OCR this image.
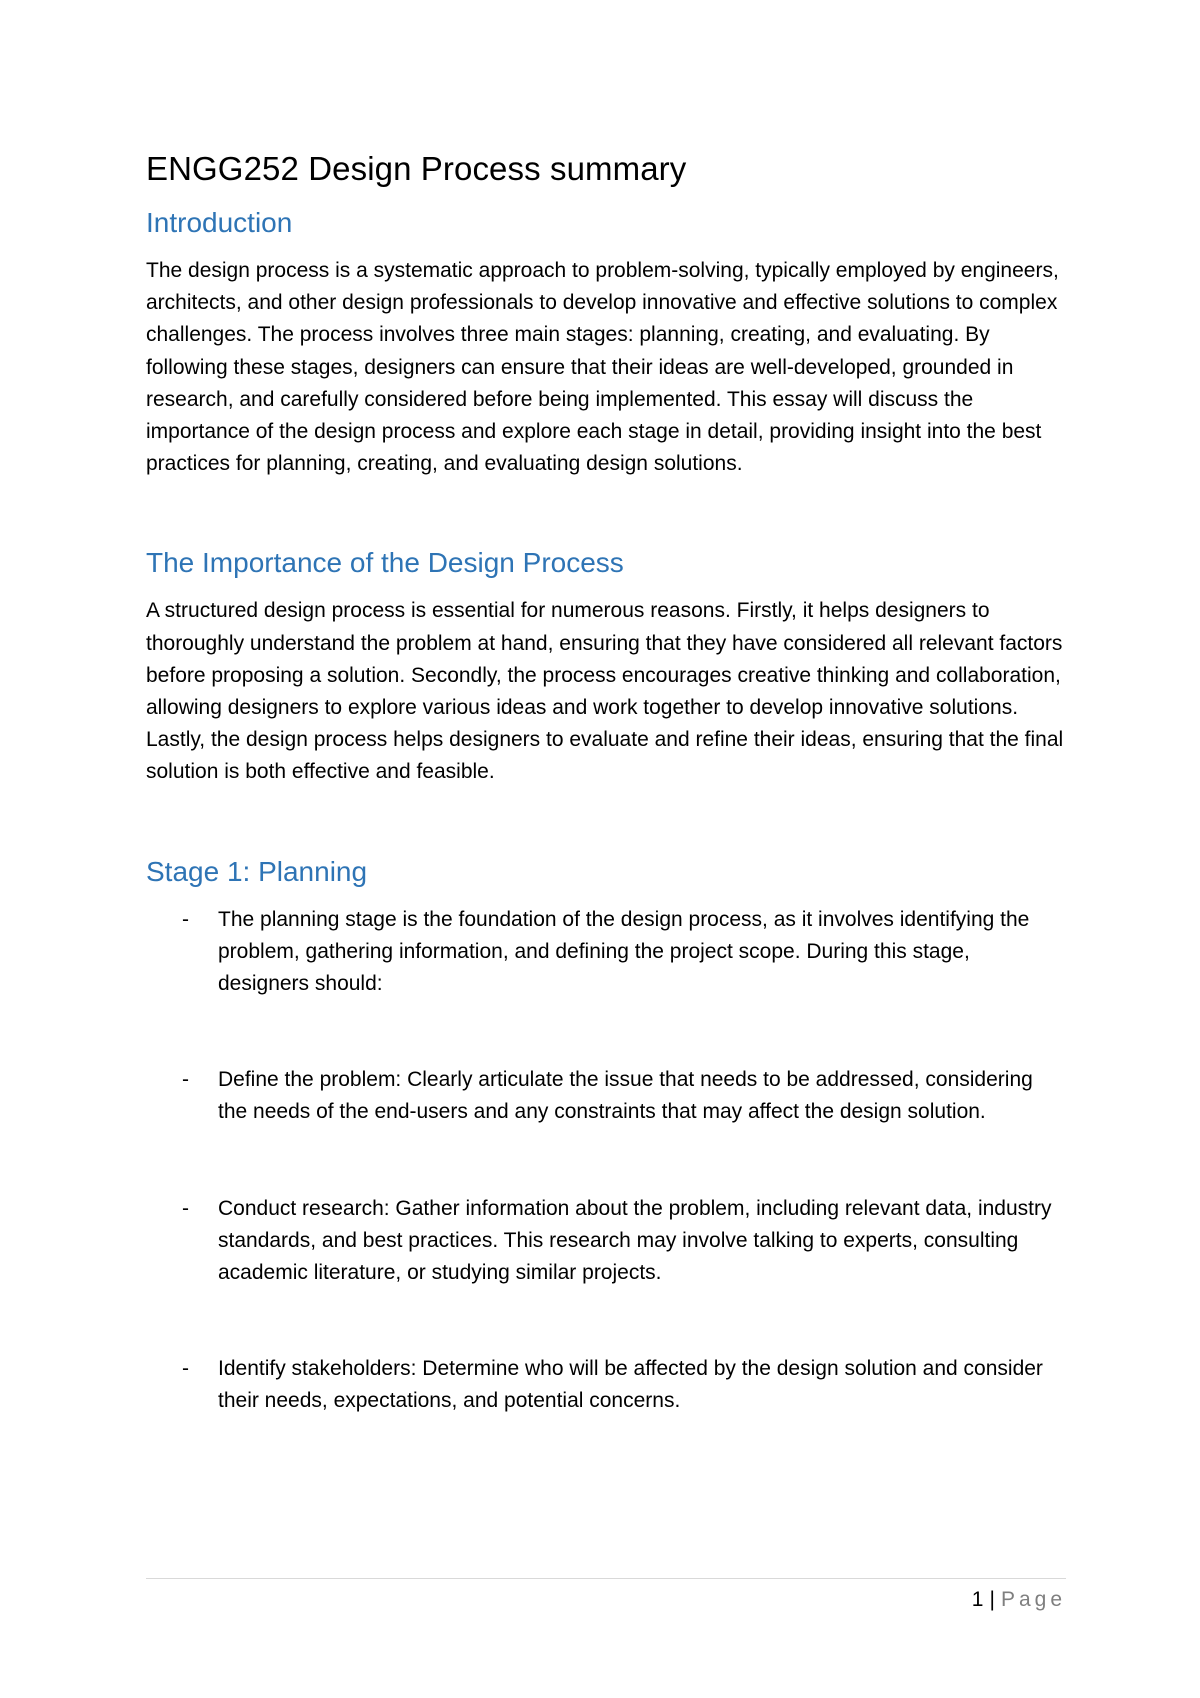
ENGG252 Design Process summary
Introduction

The design process is a systematic approach to problem-solving, typically employed by engineers, architects, and other design professionals to develop innovative and effective solutions to complex challenges. The process involves three main stages: planning, creating, and evaluating. By following these stages, designers can ensure that their ideas are well-developed, grounded in research, and carefully considered before being implemented. This essay will discuss the importance of the design process and explore each stage in detail, providing insight into the best practices for planning, creating, and evaluating design solutions.

The Importance of the Design Process

A structured design process is essential for numerous reasons. Firstly, it helps designers to thoroughly understand the problem at hand, ensuring that they have considered all relevant factors before proposing a solution. Secondly, the process encourages creative thinking and collaboration, allowing designers to explore various ideas and work together to develop innovative solutions. Lastly, the design process helps designers to evaluate and refine their ideas, ensuring that the final solution is both effective and feasible.

Stage 1: Planning
- The planning stage is the foundation of the design process, as it involves identifying the problem, gathering information, and defining the project scope. During this stage, designers should:
- Define the problem: Clearly articulate the issue that needs to be addressed, considering the needs of the end-users and any constraints that may affect the design solution.
- Conduct research: Gather information about the problem, including relevant data, industry standards, and best practices. This research may involve talking to experts, consulting academic literature, or studying similar projects.
- Identify stakeholders: Determine who will be affected by the design solution and consider their needs, expectations, and potential concerns.
1 | Page
